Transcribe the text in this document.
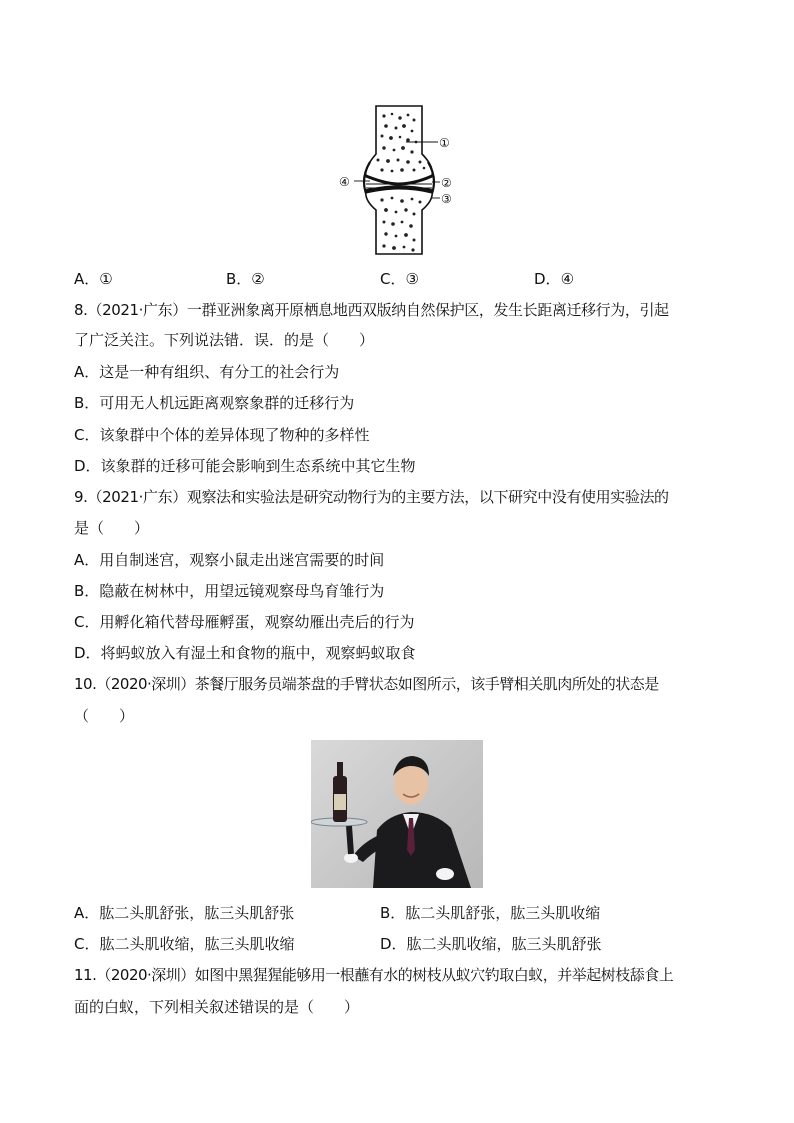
①
②
③
④
A．①	B．②	C．③	D．④
8.（2021·广东）一群亚洲象离开原栖息地西双版纳自然保护区，发生长距离迁移行为，引起
了广泛关注。下列说法错．误．的是（　　）
A．这是一种有组织、有分工的社会行为
B．可用无人机远距离观察象群的迁移行为
C．该象群中个体的差异体现了物种的多样性
D．该象群的迁移可能会影响到生态系统中其它生物
9.（2021·广东）观察法和实验法是研究动物行为的主要方法，以下研究中没有使用实验法的
是（　　）
A．用自制迷宫，观察小鼠走出迷宫需要的时间
B．隐蔽在树林中，用望远镜观察母鸟育雏行为
C．用孵化箱代替母雁孵蛋，观察幼雁出壳后的行为
D．将蚂蚁放入有湿土和食物的瓶中，观察蚂蚁取食
10.（2020·深圳）茶餐厅服务员端茶盘的手臂状态如图所示，该手臂相关肌肉所处的状态是
（　　）
A．肱二头肌舒张，肱三头肌舒张	B．肱二头肌舒张，肱三头肌收缩
C．肱二头肌收缩，肱三头肌收缩	D．肱二头肌收缩，肱三头肌舒张
11.（2020·深圳）如图中黑猩猩能够用一根蘸有水的树枝从蚁穴钓取白蚁，并举起树枝舔食上
面的白蚁，下列相关叙述错误的是（　　）
